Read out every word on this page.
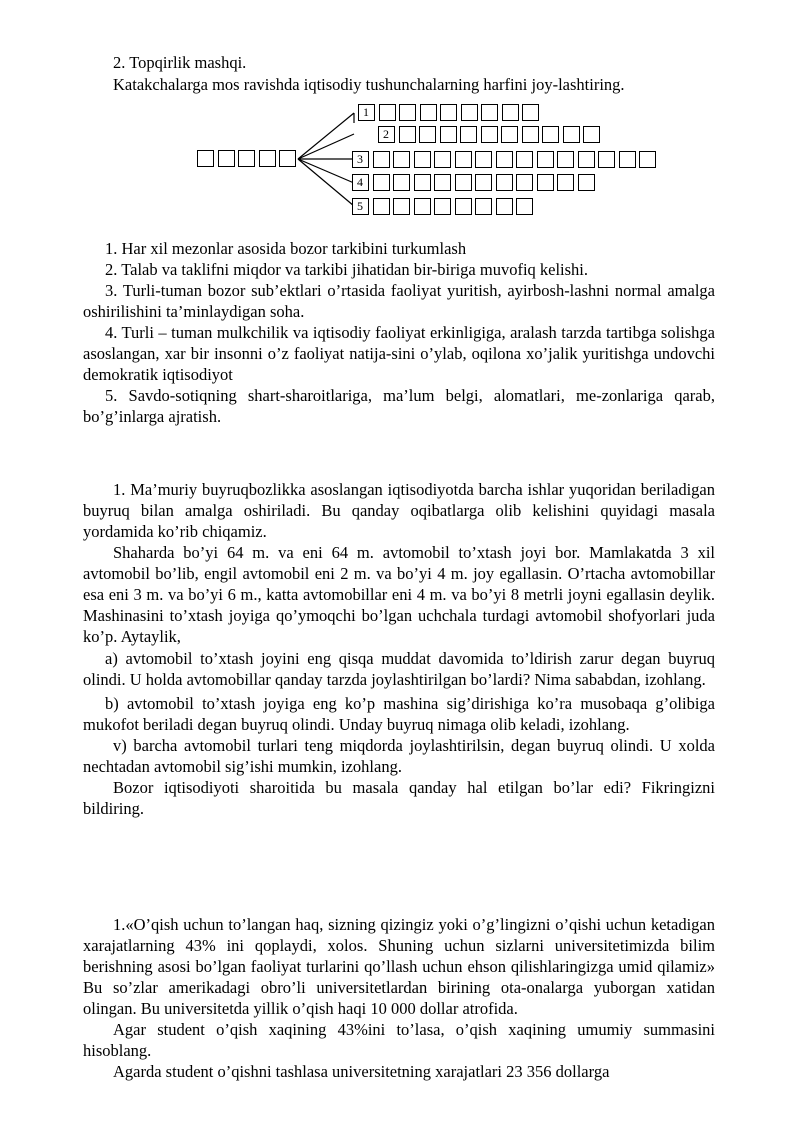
2. Topqirlik mashqi.
Katakchalarga mos ravishda iqtisodiy tushunchalarning harfini joy-lashtiring.
1
2
3
4
5

1. Har xil mezonlar asosida bozor tarkibini turkumlash

2. Talab va taklifni miqdor va tarkibi jihatidan bir-biriga muvofiq kelishi.

3. Turli-tuman bozor sub’ektlari o’rtasida faoliyat yuritish, ayirbosh-lashni normal amalga oshirilishini ta’minlaydigan soha.

4. Turli – tuman mulkchilik va iqtisodiy faoliyat erkinligiga, aralash tarzda tartibga solishga asoslangan, xar bir insonni o’z faoliyat natija-sini o’ylab, oqilona xo’jalik yuritishga undovchi demokratik iqtisodiyot

5. Savdo-sotiqning shart-sharoitlariga, ma’lum belgi, alomatlari, me-zonlariga qarab, bo’g’inlarga ajratish.

1. Ma’muriy buyruqbozlikka asoslangan iqtisodiyotda barcha ishlar yuqoridan beriladigan buyruq bilan amalga oshiriladi. Bu qanday oqibatlarga olib kelishini quyidagi masala yordamida ko’rib chiqamiz.

Shaharda bo’yi 64 m. va eni 64 m. avtomobil to’xtash joyi bor. Mamlakatda 3 xil avtomobil bo’lib, engil avtomobil eni 2 m. va bo’yi 4 m. joy egallasin. O’rtacha avtomobillar esa eni 3 m. va bo’yi 6 m., katta avtomobillar eni 4 m. va bo’yi 8 metrli joyni egallasin deylik. Mashinasini to’xtash joyiga qo’ymoqchi bo’lgan uchchala turdagi avtomobil shofyorlari juda ko’p. Aytaylik,

a) avtomobil to’xtash joyini eng qisqa muddat davomida to’ldirish zarur degan buyruq olindi. U holda avtomobillar qanday tarzda joylashtirilgan bo’lardi? Nima sababdan, izohlang.

b) avtomobil to’xtash joyiga eng ko’p mashina sig’dirishiga ko’ra musobaqa g’olibiga mukofot beriladi degan buyruq olindi. Unday buyruq nimaga olib keladi, izohlang.

v) barcha avtomobil turlari teng miqdorda joylashtirilsin, degan buyruq olindi. U xolda nechtadan avtomobil sig’ishi mumkin, izohlang.

Bozor iqtisodiyoti sharoitida bu masala qanday hal etilgan bo’lar edi? Fikringizni bildiring.

1.«O’qish uchun to’langan haq, sizning qizingiz yoki o’g’lingizni o’qishi uchun ketadigan xarajatlarning 43% ini qoplaydi, xolos. Shuning uchun sizlarni universitetimizda bilim berishning asosi bo’lgan faoliyat turlarini qo’llash uchun ehson qilishlaringizga umid qilamiz» Bu so’zlar amerikadagi obro’li universitetlardan birining ota-onalarga yuborgan xatidan olingan. Bu universitetda yillik o’qish haqi 10 000 dollar atrofida.

Agar student o’qish xaqining 43%ini to’lasa, o’qish xaqining umumiy summasini hisoblang.

Agarda student o’qishni tashlasa universitetning xarajatlari 23 356 dollarga
